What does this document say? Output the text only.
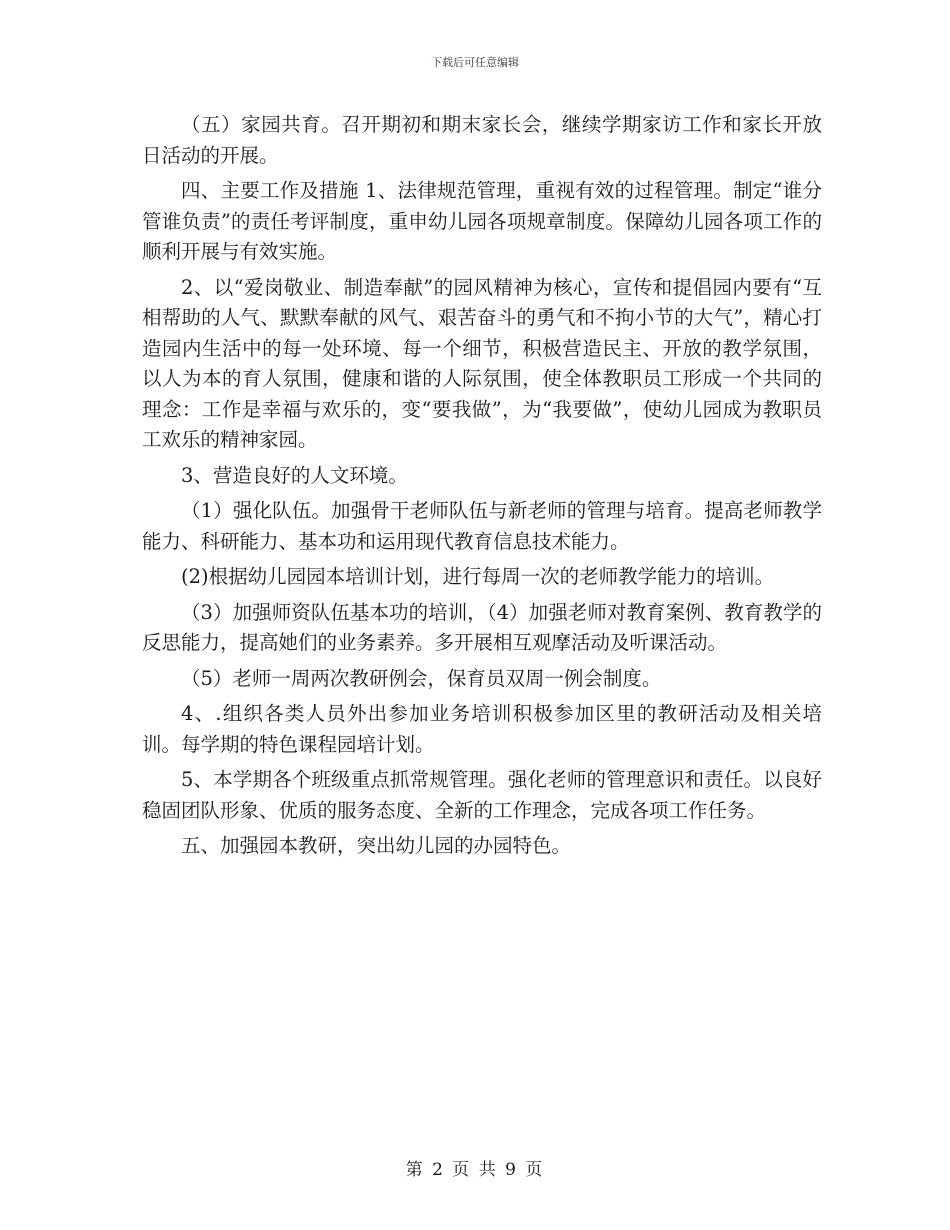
下载后可任意编辑

（五）家园共育。召开期初和期末家长会，继续学期家访工作和家长开放日活动的开展。

四、主要工作及措施 1、法律规范管理，重视有效的过程管理。制定“谁分管谁负责”的责任考评制度，重申幼儿园各项规章制度。保障幼儿园各项工作的顺利开展与有效实施。

2、以“爱岗敬业、制造奉献”的园风精神为核心，宣传和提倡园内要有“互相帮助的人气、默默奉献的风气、艰苦奋斗的勇气和不拘小节的大气”，精心打造园内生活中的每一处环境、每一个细节，积极营造民主、开放的教学氛围，以人为本的育人氛围，健康和谐的人际氛围，使全体教职员工形成一个共同的理念：工作是幸福与欢乐的，变“要我做”，为“我要做”，使幼儿园成为教职员工欢乐的精神家园。

3、营造良好的人文环境。

（1）强化队伍。加强骨干老师队伍与新老师的管理与培育。提高老师教学能力、科研能力、基本功和运用现代教育信息技术能力。

(2)根据幼儿园园本培训计划，进行每周一次的老师教学能力的培训。

（3）加强师资队伍基本功的培训，（4）加强老师对教育案例、教育教学的反思能力，提高她们的业务素养。多开展相互观摩活动及听课活动。

（5）老师一周两次教研例会，保育员双周一例会制度。

4、.组织各类人员外出参加业务培训积极参加区里的教研活动及相关培训。每学期的特色课程园培计划。

5、本学期各个班级重点抓常规管理。强化老师的管理意识和责任。以良好稳固团队形象、优质的服务态度、全新的工作理念，完成各项工作任务。

五、加强园本教研，突出幼儿园的办园特色。

第 2 页 共 9 页
